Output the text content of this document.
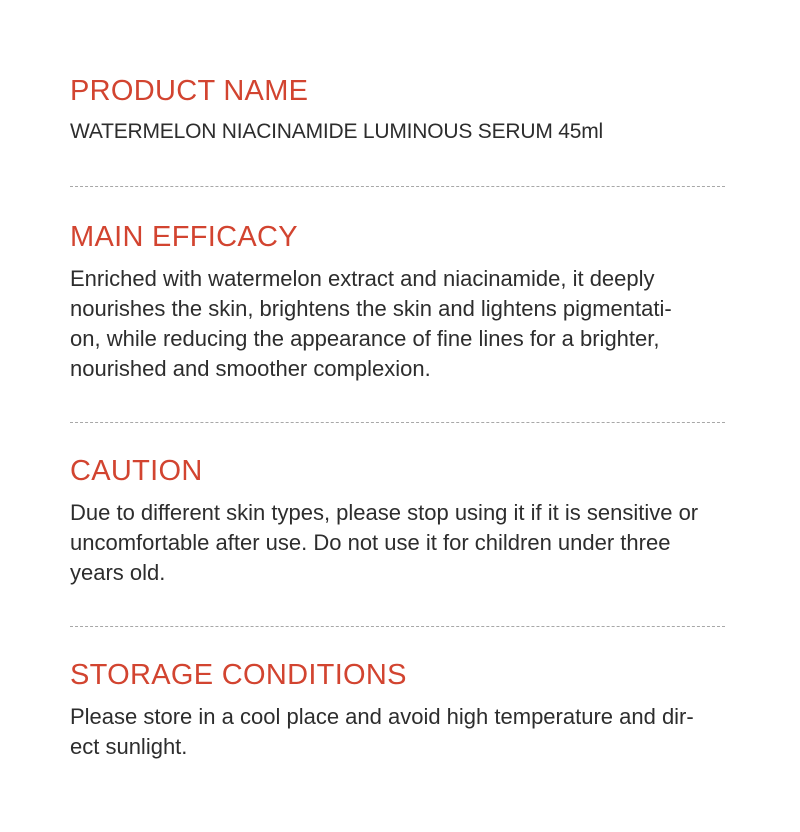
PRODUCT NAME

WATERMELON NIACINAMIDE LUMINOUS SERUM 45ml

MAIN EFFICACY

Enriched with watermelon extract and niacinamide, it deeply
nourishes the skin, brightens the skin and lightens pigmentati-
on, while reducing the appearance of fine lines for a brighter,
nourished and smoother complexion.

CAUTION

Due to different skin types, please stop using it if it is sensitive or
uncomfortable after use. Do not use it for children under three
years old.

STORAGE CONDITIONS

Please store in a cool place and avoid high temperature and dir-
ect sunlight.
